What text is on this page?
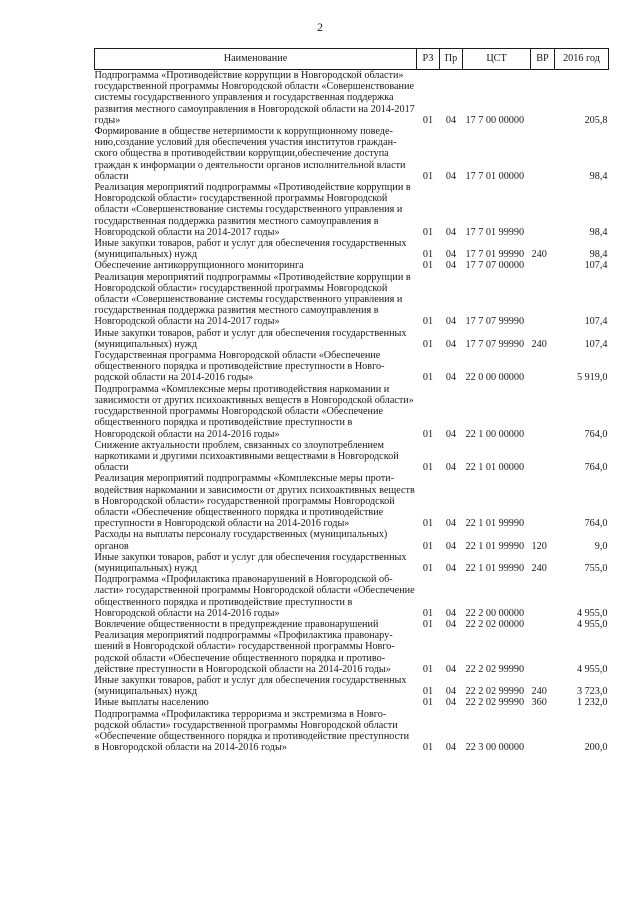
2
Наименование	РЗ	Пр	ЦСТ	ВР	2016 год
Подпрограмма «Противодействие коррупции в Новгородской области» государственной программы Новгородской области «Совершенствование системы государственного управления и государственная поддержка развития местного самоуправления в Новгородской области на 2014-2017 годы»	01	04	17 7 00 00000		205,8
Формирование в обществе нетерпимости к коррупционному поведению,создание условий для обеспечения участия институтов гражданского общества в противодействии коррупции,обеспечение доступа граждан к информации о деятельности органов исполнительной власти области	01	04	17 7 01 00000		98,4
Реализация мероприятий подпрограммы «Противодействие коррупции в Новгородской области» государственной программы Новгородской области «Совершенствование системы государственного управления и государственная поддержка развития местного самоуправления в Новгородской области на 2014-2017 годы»	01	04	17 7 01 99990		98,4
Иные закупки товаров, работ и услуг для обеспечения государственных (муниципальных) нужд	01	04	17 7 01 99990	240	98,4
Обеспечение антикоррупционного мониторинга	01	04	17 7 07 00000		107,4
Реализация мероприятий подпрограммы «Противодействие коррупции в Новгородской области» государственной программы Новгородской области «Совершенствование системы государственного управления и государственная поддержка развития местного самоуправления в Новгородской области на 2014-2017 годы»	01	04	17 7 07 99990		107,4
Иные закупки товаров, работ и услуг для обеспечения государственных (муниципальных) нужд	01	04	17 7 07 99990	240	107,4
Государственная программа Новгородской области «Обеспечение общественного порядка и противодействие преступности в Новгородской области на 2014-2016 годы»	01	04	22 0 00 00000		5 919,0
Подпрограмма «Комплексные меры противодействия наркомании и зависимости от других психоактивных веществ в Новгородской области» государственной программы Новгородской области «Обеспечение общественного порядка и противодействие преступности в Новгородской области на 2014-2016 годы»	01	04	22 1 00 00000		764,0
Снижение актуальности проблем, связанных со злоупотреблением наркотиками и другими психоактивными веществами в Новгородской области	01	04	22 1 01 00000		764,0
Реализация мероприятий подпрограммы «Комплексные меры противодействия наркомании и зависимости от других психоактивных веществ в Новгородской области» государственной программы Новгородской области «Обеспечение общественного порядка и противодействие преступности в Новгородской области на 2014-2016 годы»	01	04	22 1 01 99990		764,0
Расходы на выплаты персоналу государственных (муниципальных) органов	01	04	22 1 01 99990	120	9,0
Иные закупки товаров, работ и услуг для обеспечения государственных (муниципальных) нужд	01	04	22 1 01 99990	240	755,0
Подпрограмма «Профилактика правонарушений в Новгородской области» государственной программы Новгородской области «Обеспечение общественного порядка и противодействие преступности в Новгородской области на 2014-2016 годы»	01	04	22 2 00 00000		4 955,0
Вовлечение общественности в предупреждение правонарушений	01	04	22 2 02 00000		4 955,0
Реализация мероприятий подпрограммы «Профилактика правонарушений в Новгородской области» государственной программы Новгородской области «Обеспечение общественного порядка и противодействие преступности в Новгородской области на 2014-2016 годы»	01	04	22 2 02 99990		4 955,0
Иные закупки товаров, работ и услуг для обеспечения государственных (муниципальных) нужд	01	04	22 2 02 99990	240	3 723,0
Иные выплаты населению	01	04	22 2 02 99990	360	1 232,0
Подпрограмма «Профилактика терроризма и экстремизма в Новгородской области» государственной программы Новгородской области «Обеспечение общественного порядка и противодействие преступности в Новгородской области на 2014-2016 годы»	01	04	22 3 00 00000		200,0
